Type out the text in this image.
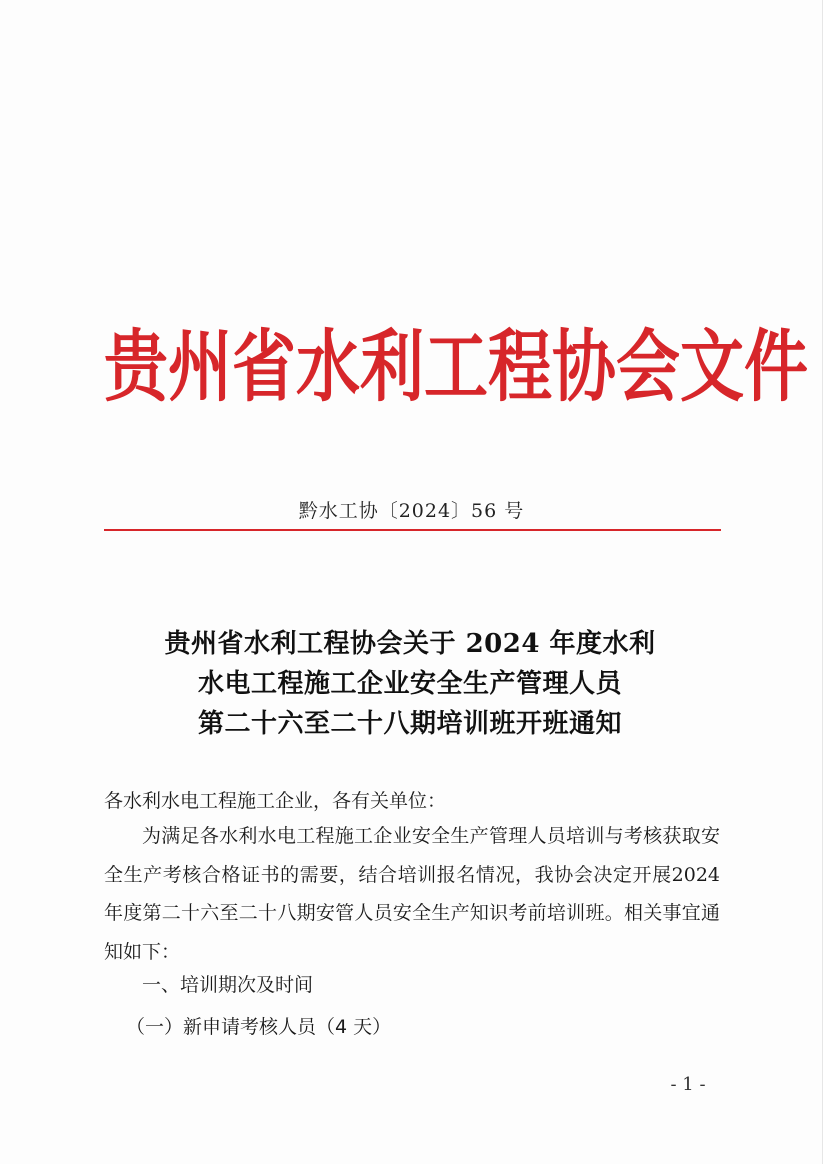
贵州省水利工程协会文件
黔水工协〔2024〕56 号
贵州省水利工程协会关于 2024 年度水利
水电工程施工企业安全生产管理人员
第二十六至二十八期培训班开班通知
各水利水电工程施工企业，各有关单位：
为满足各水利水电工程施工企业安全生产管理人员培训与考核获取安全生产考核合格证书的需要，结合培训报名情况，我协会决定开展2024 年度第二十六至二十八期安管人员安全生产知识考前培训班。相关事宜通知如下：
一、培训期次及时间
（一）新申请考核人员（4 天）
- 1 -
